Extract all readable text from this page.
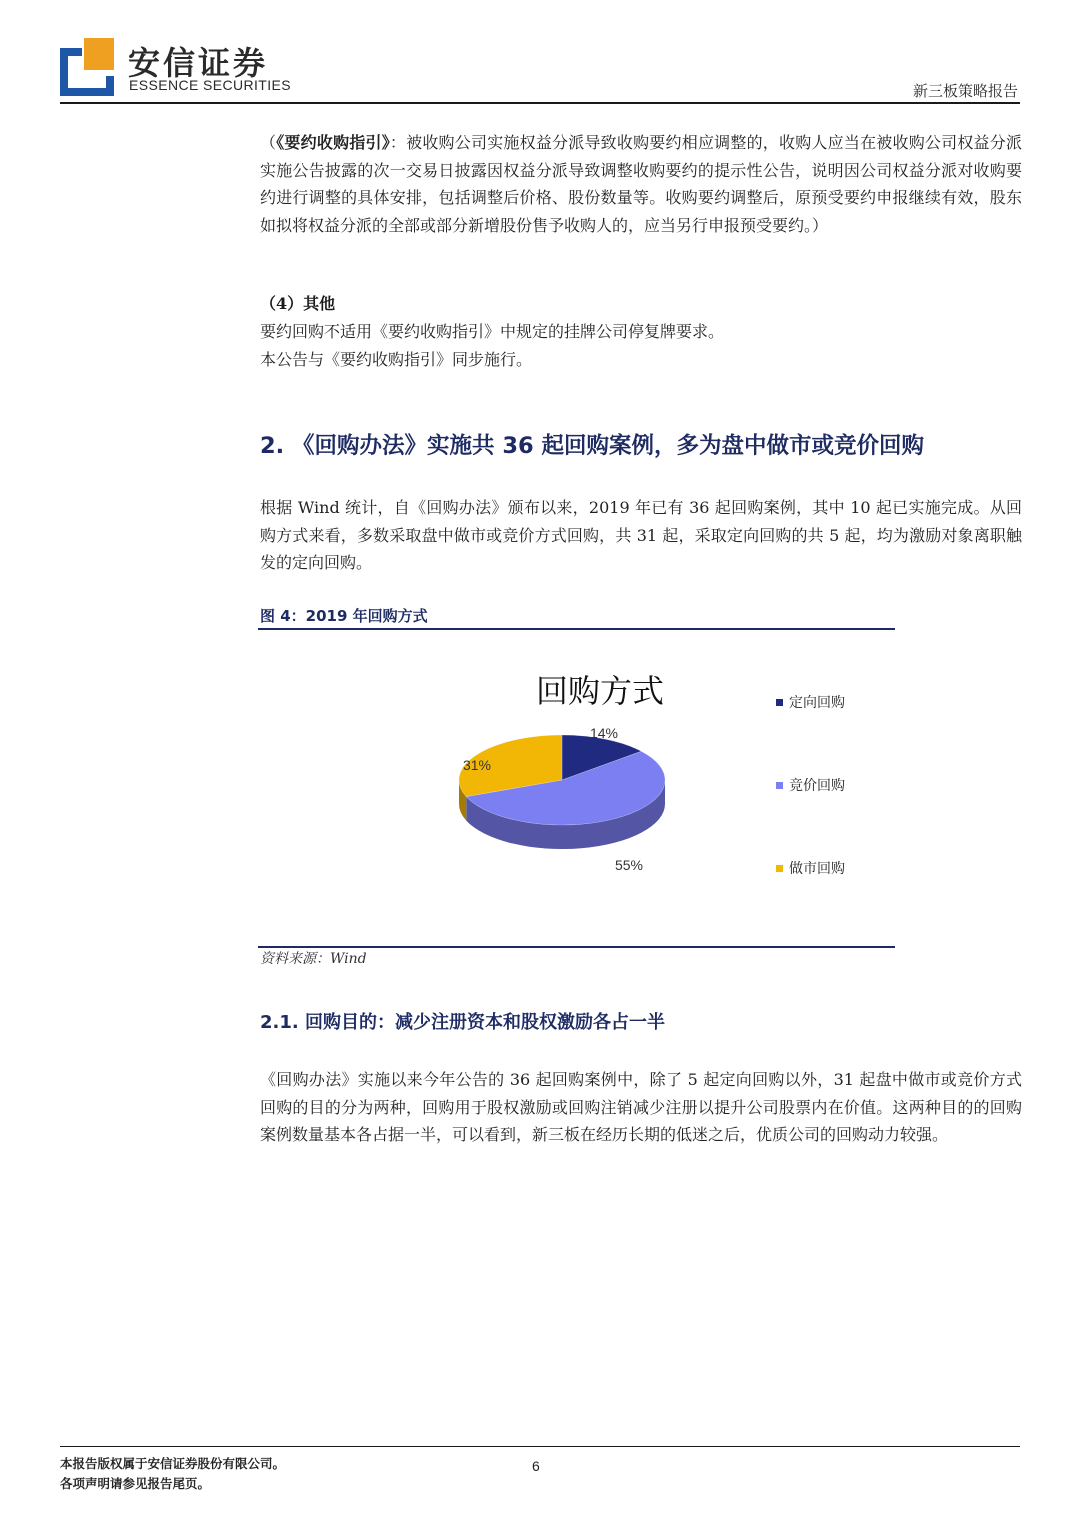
安信证券
ESSENCE SECURITIES	新三板策略报告

（《要约收购指引》：被收购公司实施权益分派导致收购要约相应调整的，收购人应当在被收购公司权益分派实施公告披露的次一交易日披露因权益分派导致调整收购要约的提示性公告，说明因公司权益分派对收购要约进行调整的具体安排，包括调整后价格、股份数量等。收购要约调整后，原预受要约申报继续有效，股东如拟将权益分派的全部或部分新增股份售予收购人的，应当另行申报预受要约。）

（4）其他

要约回购不适用《要约收购指引》中规定的挂牌公司停复牌要求。

本公告与《要约收购指引》同步施行。

2. 《回购办法》实施共 36 起回购案例，多为盘中做市或竞价回购

根据 Wind 统计，自《回购办法》颁布以来，2019 年已有 36 起回购案例，其中 10 起已实施完成。从回购方式来看，多数采取盘中做市或竞价方式回购，共 31 起，采取定向回购的共 5 起，均为激励对象离职触发的定向回购。

图 4：2019 年回购方式
回购方式
14%
55%
31%
定向回购
竞价回购
做市回购
资料来源：Wind
2.1. 回购目的：减少注册资本和股权激励各占一半

《回购办法》实施以来今年公告的 36 起回购案例中，除了 5 起定向回购以外，31 起盘中做市或竞价方式回购的目的分为两种，回购用于股权激励或回购注销减少注册以提升公司股票内在价值。这两种目的的回购案例数量基本各占据一半，可以看到，新三板在经历长期的低迷之后，优质公司的回购动力较强。

本报告版权属于安信证券股份有限公司。
各项声明请参见报告尾页。
6
